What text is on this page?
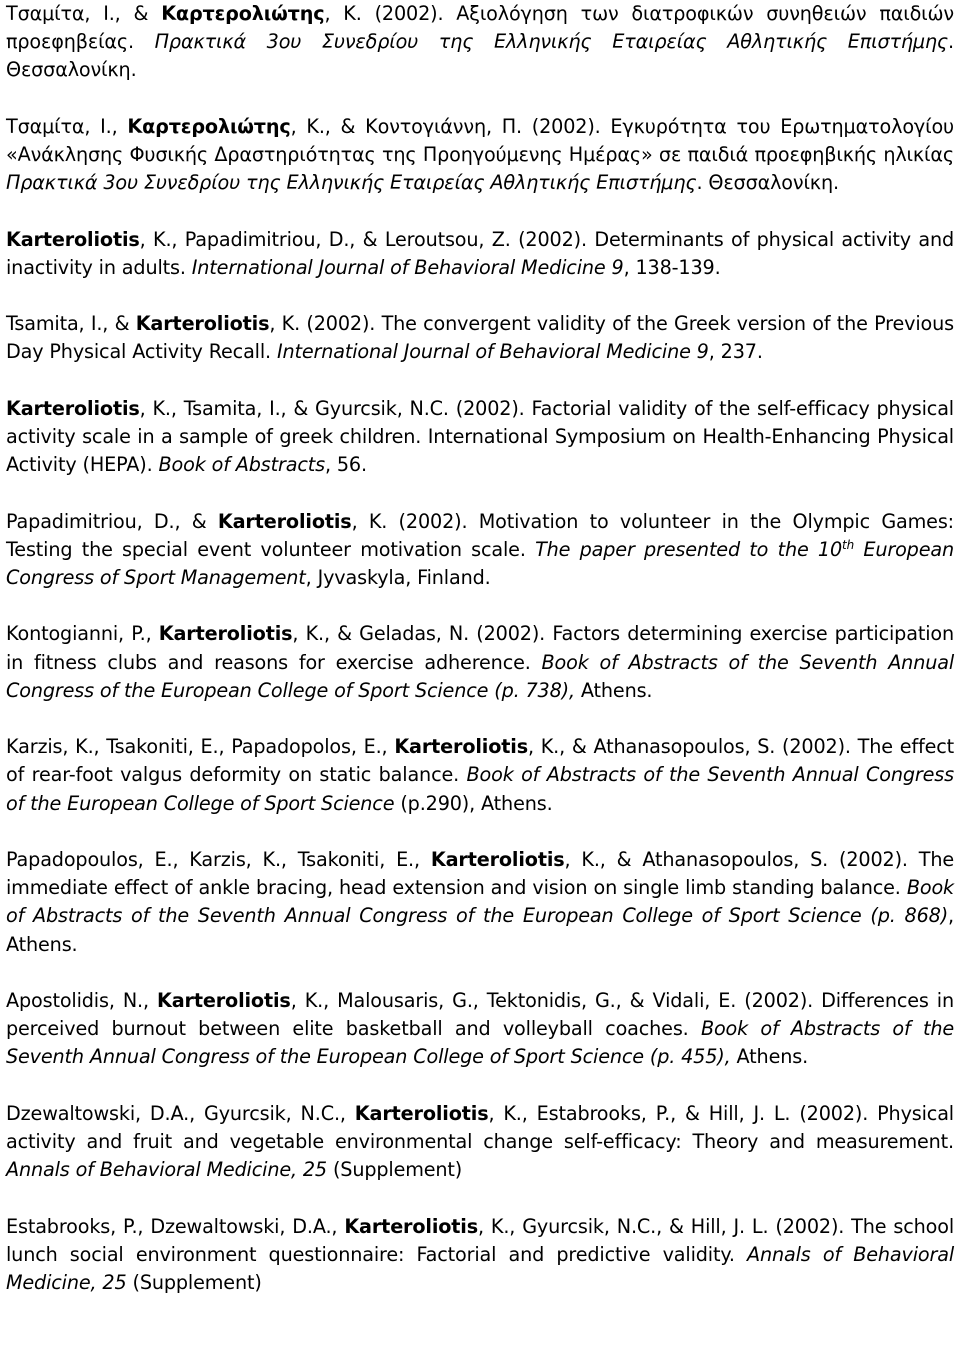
Τσαμίτα, Ι., & Καρτερολιώτης, Κ. (2002). Αξιολόγηση των διατροφικών συνηθειών παιδιών προεφηβείας. Πρακτικά 3ου Συνεδρίου της Ελληνικής Εταιρείας Αθλητικής Επιστήμης. Θεσσαλονίκη.

Τσαμίτα, Ι., Καρτερολιώτης, Κ., & Κοντογιάννη, Π. (2002). Εγκυρότητα του Ερωτηματολογίου «Ανάκλησης Φυσικής Δραστηριότητας της Προηγούμενης Ημέρας» σε παιδιά προεφηβικής ηλικίας Πρακτικά 3ου Συνεδρίου της Ελληνικής Εταιρείας Αθλητικής Επιστήμης. Θεσσαλονίκη.

Karteroliotis, K., Papadimitriou, D., & Leroutsou, Z. (2002). Determinants of physical activity and inactivity in adults. International Journal of Behavioral Medicine 9, 138-139.

Tsamita, I., & Karteroliotis, K. (2002). The convergent validity of the Greek version of the Previous Day Physical Activity Recall. International Journal of Behavioral Medicine 9, 237.

Karteroliotis, K., Tsamita, I., & Gyurcsik, N.C. (2002). Factorial validity of the self-efficacy physical activity scale in a sample of greek children. International Symposium on Health-Enhancing Physical Activity (HEPA). Book of Abstracts, 56.

Papadimitriou, D., & Karteroliotis, K. (2002). Motivation to volunteer in the Olympic Games: Testing the special event volunteer motivation scale. The paper presented to the 10th European Congress of Sport Management, Jyvaskyla, Finland.

Kontogianni, P., Karteroliotis, K., & Geladas, N. (2002). Factors determining exercise participation in fitness clubs and reasons for exercise adherence. Book of Abstracts of the Seventh Annual Congress of the European College of Sport Science (p. 738), Athens.

Karzis, K., Tsakoniti, E., Papadopolos, E., Karteroliotis, K., & Athanasopoulos, S. (2002). The effect of rear-foot valgus deformity on static balance. Book of Abstracts of the Seventh Annual Congress of the European College of Sport Science (p.290), Athens.

Papadopoulos, E., Karzis, K., Tsakoniti, E., Karteroliotis, K., & Athanasopoulos, S. (2002). The immediate effect of ankle bracing, head extension and vision on single limb standing balance. Book of Abstracts of the Seventh Annual Congress of the European College of Sport Science (p. 868), Athens.

Apostolidis, N., Karteroliotis, K., Malousaris, G., Tektonidis, G., & Vidali, E. (2002). Differences in perceived burnout between elite basketball and volleyball coaches. Book of Abstracts of the Seventh Annual Congress of the European College of Sport Science (p. 455), Athens.

Dzewaltowski, D.A., Gyurcsik, N.C., Karteroliotis, K., Estabrooks, P., & Hill, J. L. (2002). Physical activity and fruit and vegetable environmental change self-efficacy: Theory and measurement. Annals of Behavioral Medicine, 25 (Supplement)

Estabrooks, P., Dzewaltowski, D.A., Karteroliotis, K., Gyurcsik, N.C., & Hill, J. L. (2002). The school lunch social environment questionnaire: Factorial and predictive validity. Annals of Behavioral Medicine, 25 (Supplement)
